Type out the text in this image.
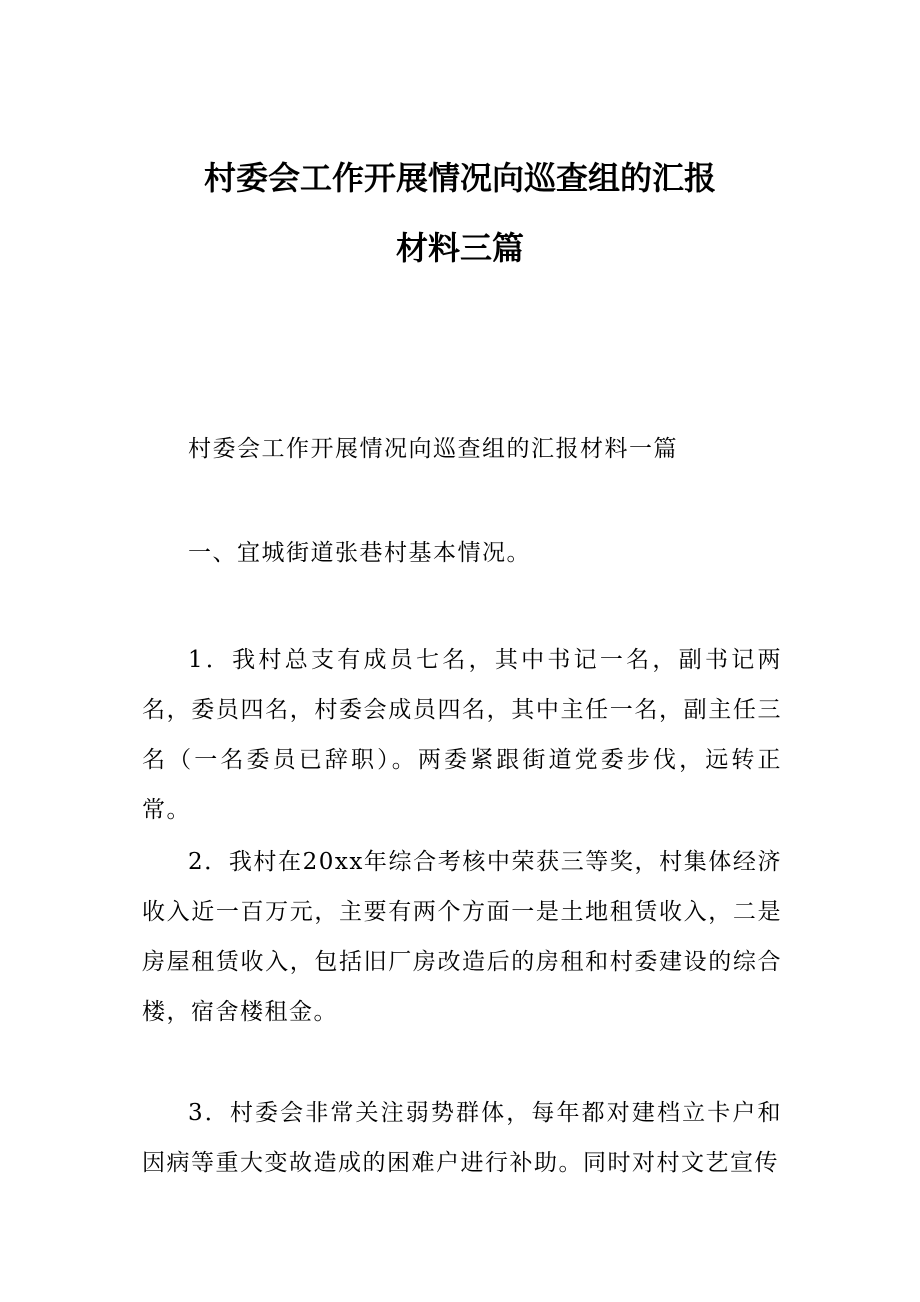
村委会工作开展情况向巡查组的汇报
材料三篇
村委会工作开展情况向巡查组的汇报材料一篇
一、宜城街道张巷村基本情况。
1．我村总支有成员七名，其中书记一名，副书记两名，委员四名，村委会成员四名，其中主任一名，副主任三名（一名委员已辞职）。两委紧跟街道党委步伐，远转正常。
2．我村在20xx年综合考核中荣获三等奖，村集体经济收入近一百万元，主要有两个方面一是土地租赁收入，二是房屋租赁收入，包括旧厂房改造后的房租和村委建设的综合楼，宿舍楼租金。
3．村委会非常关注弱势群体，每年都对建档立卡户和因病等重大变故造成的困难户进行补助。同时对村文艺宣传
